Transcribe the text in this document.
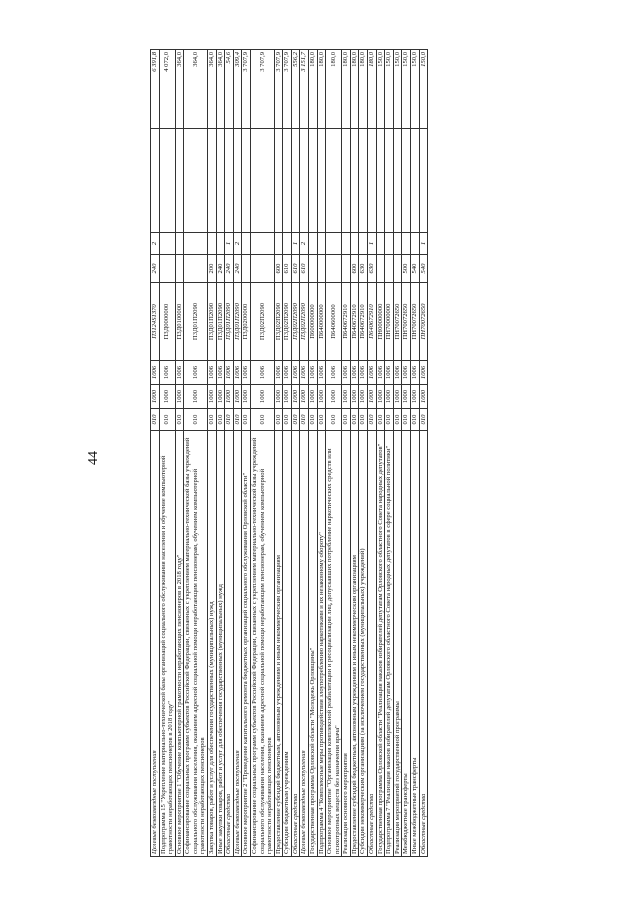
44
Целевые безвозмездные поступления	010	1000	1006	П3124S1370	240	2		6 391,8
Подпрограмма 15 "Укрепление материально-технической базы организаций социального обслуживания населения и обучение компьютерной грамотности неработающих пенсионеров в 2018 году"	010	1000	1006	П3Д0000000				4 072,0
Основное мероприятие 1 "Обучение компьютерной грамотности неработающих пенсионеров в 2018 году"	010	1000	1006	П3Д0100000				364,0
Софинансирование социальных программ субъектов Российской Федерации, связанных с укреплением материально-технической базы учреждений социального обслуживания населения, оказанием адресной социальной помощи неработающим пенсионерам, обучением компьютерной грамотности неработающих пенсионеров	010	1000	1006	П3Д01П2090				364,0
Закупка товаров, работ и услуг для обеспечения государственных (муниципальных) нужд	010	1000	1006	П3Д01П2090	200			364,0
Иные закупки товаров, работ и услуг для обеспечения государственных (муниципальных) нужд	010	1000	1006	П3Д01П2090	240			364,0
Областные средства	010	1000	1006	П3Д01П2090	240	1		54,6
Целевые безвозмездные поступления	010	1000	1006	П3Д01П2090	240	2		309,4
Основное мероприятие 2 "Проведение капитального ремонта бюджетных организаций социального обслуживания Орловской области"	010	1000	1006	П3Д0200000				3 707,9
Софинансирование социальных программ субъектов Российской Федерации, связанных с укреплением материально-технической базы учреждений социального обслуживания населения, оказанием адресной социальной помощи неработающим пенсионерам, обучением компьютерной грамотности неработающих пенсионеров	010	1000	1006	П3Д02П2090				3 707,9
Предоставление субсидий бюджетным, автономным учреждениям и иным некоммерческим организациям	010	1000	1006	П3Д02П2090	600			3 707,9
Субсидии бюджетным учреждениям	010	1000	1006	П3Д02П2090	610			3 707,9
Областные средства	010	1000	1006	П3Д02П2090	610	1		556,2
Целевые безвозмездные поступления	010	1000	1006	П3Д02П2090	610	2		3 151,7
Государственная программа Орловской области "Молодежь Орловщины"	010	1000	1006	П600000000				180,0
Подпрограмма 4 "Комплексные меры противодействия злоупотреблению наркотиками и их незаконному обороту"	010	1000	1006	П640000000				180,0
Основное мероприятие "Организация комплексной реабилитации и ресоциализации лиц, допускавших потребление наркотических средств или психотропных веществ без назначения врача"	010	1000	1006	П640600000				180,0
Реализация основного мероприятия	010	1000	1006	П640672910				180,0
Предоставление субсидий бюджетным, автономным учреждениям и иным некоммерческим организациям	010	1000	1006	П640672910	600			180,0
Субсидии некоммерческим организациям (за исключением государственных (муниципальных) учреждений)	010	1000	1006	П640672910	630			180,0
Областные средства	010	1000	1006	П640672910	630	1		180,0
Государственная программа Орловской области "Реализация наказов избирателей депутатам Орловского областного Совета народных депутатов"	010	1000	1006	ПН00000000				150,0
Подпрограмма 7 "Реализация наказов избирателей депутатам Орловского областного Совета народных депутатов в сфере социальной политики"	010	1000	1006	ПН70000000				150,0
Реализация мероприятий государственной программы	010	1000	1006	ПН70072650				150,0
Межбюджетные трансферты	010	1000	1006	ПН70072650	500			150,0
Иные межбюджетные трансферты	010	1000	1006	ПН70072650	540			150,0
Областные средства	010	1000	1006	ПН70072650	540	1		150,0
